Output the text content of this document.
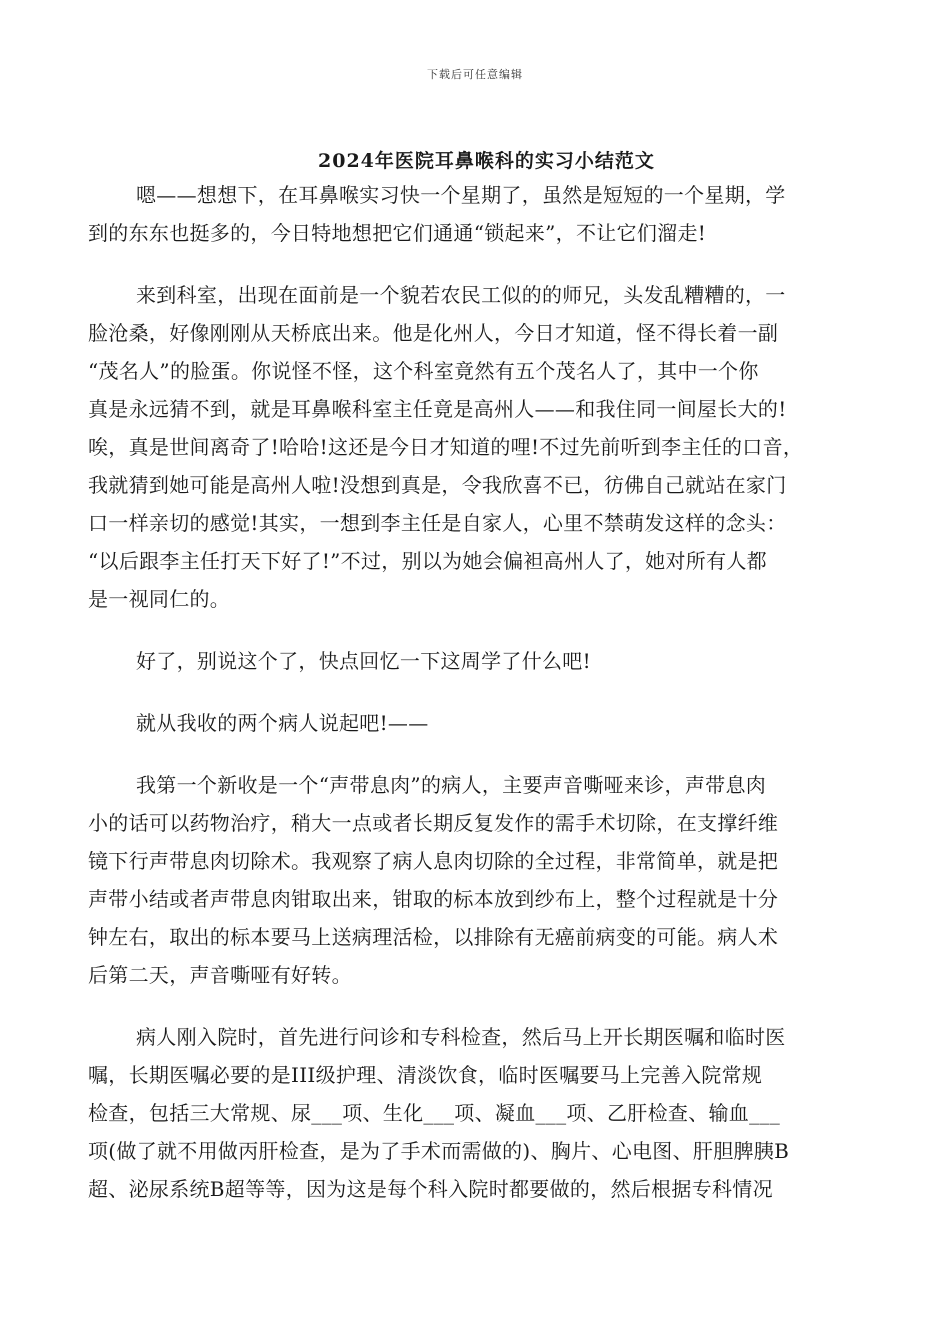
下载后可任意编辑
2024年医院耳鼻喉科的实习小结范文
嗯——想想下，在耳鼻喉实习快一个星期了，虽然是短短的一个星期，学
到的东东也挺多的，今日特地想把它们通通“锁起来”，不让它们溜走!
来到科室，出现在面前是一个貌若农民工似的的师兄，头发乱糟糟的，一
脸沧桑，好像刚刚从天桥底出来。他是化州人，今日才知道，怪不得长着一副
“茂名人”的脸蛋。你说怪不怪，这个科室竟然有五个茂名人了，其中一个你
真是永远猜不到，就是耳鼻喉科室主任竟是高州人——和我住同一间屋长大的!
唉，真是世间离奇了!哈哈!这还是今日才知道的哩!不过先前听到李主任的口音，
我就猜到她可能是高州人啦!没想到真是，令我欣喜不已，彷佛自己就站在家门
口一样亲切的感觉!其实，一想到李主任是自家人，心里不禁萌发这样的念头：
“以后跟李主任打天下好了!”不过，别以为她会偏袒高州人了，她对所有人都
是一视同仁的。
好了，别说这个了，快点回忆一下这周学了什么吧!
就从我收的两个病人说起吧!——
我第一个新收是一个“声带息肉”的病人，主要声音嘶哑来诊，声带息肉
小的话可以药物治疗，稍大一点或者长期反复发作的需手术切除，在支撑纤维
镜下行声带息肉切除术。我观察了病人息肉切除的全过程，非常简单，就是把
声带小结或者声带息肉钳取出来，钳取的标本放到纱布上，整个过程就是十分
钟左右，取出的标本要马上送病理活检，以排除有无癌前病变的可能。病人术
后第二天，声音嘶哑有好转。
病人刚入院时，首先进行问诊和专科检查，然后马上开长期医嘱和临时医
嘱，长期医嘱必要的是III级护理、清淡饮食，临时医嘱要马上完善入院常规
检查，包括三大常规、尿___项、生化___项、凝血___项、乙肝检查、输血___
项(做了就不用做丙肝检查，是为了手术而需做的)、胸片、心电图、肝胆脾胰B
超、泌尿系统B超等等，因为这是每个科入院时都要做的，然后根据专科情况
